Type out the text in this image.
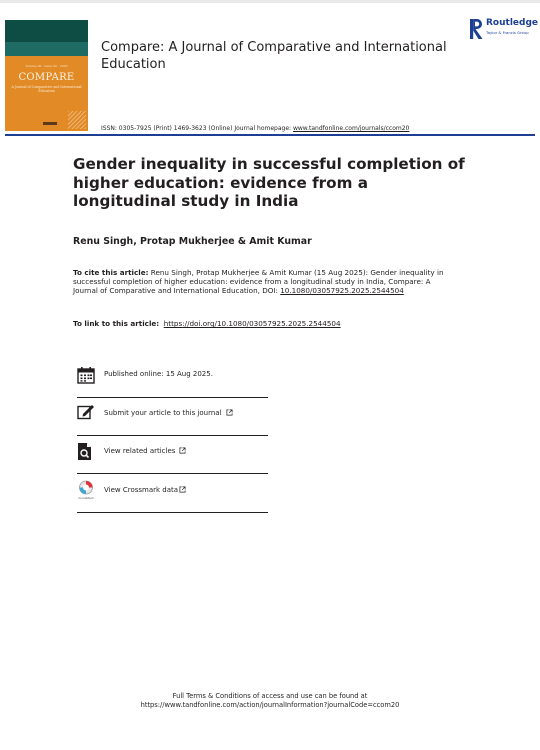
Volume 00 · Issue 00 · 2025
COMPARE
A Journal of Comparative and International Education
Compare: A Journal of Comparative and International Education
Routledge
Taylor & Francis Group
ISSN: 0305-7925 (Print) 1469-3623 (Online) Journal homepage: www.tandfonline.com/journals/ccom20
Gender inequality in successful completion of higher education: evidence from a longitudinal study in India
Renu Singh, Protap Mukherjee & Amit Kumar
To cite this article: Renu Singh, Protap Mukherjee & Amit Kumar (15 Aug 2025): Gender inequality in successful completion of higher education: evidence from a longitudinal study in India, Compare: A Journal of Comparative and International Education, DOI: 10.1080/03057925.2025.2544504
To link to this article: https://doi.org/10.1080/03057925.2025.2544504
Published online: 15 Aug 2025.
Submit your article to this journal
View related articles
CrossMark
View Crossmark data
Full Terms & Conditions of access and use can be found at
https://www.tandfonline.com/action/journalInformation?journalCode=ccom20
